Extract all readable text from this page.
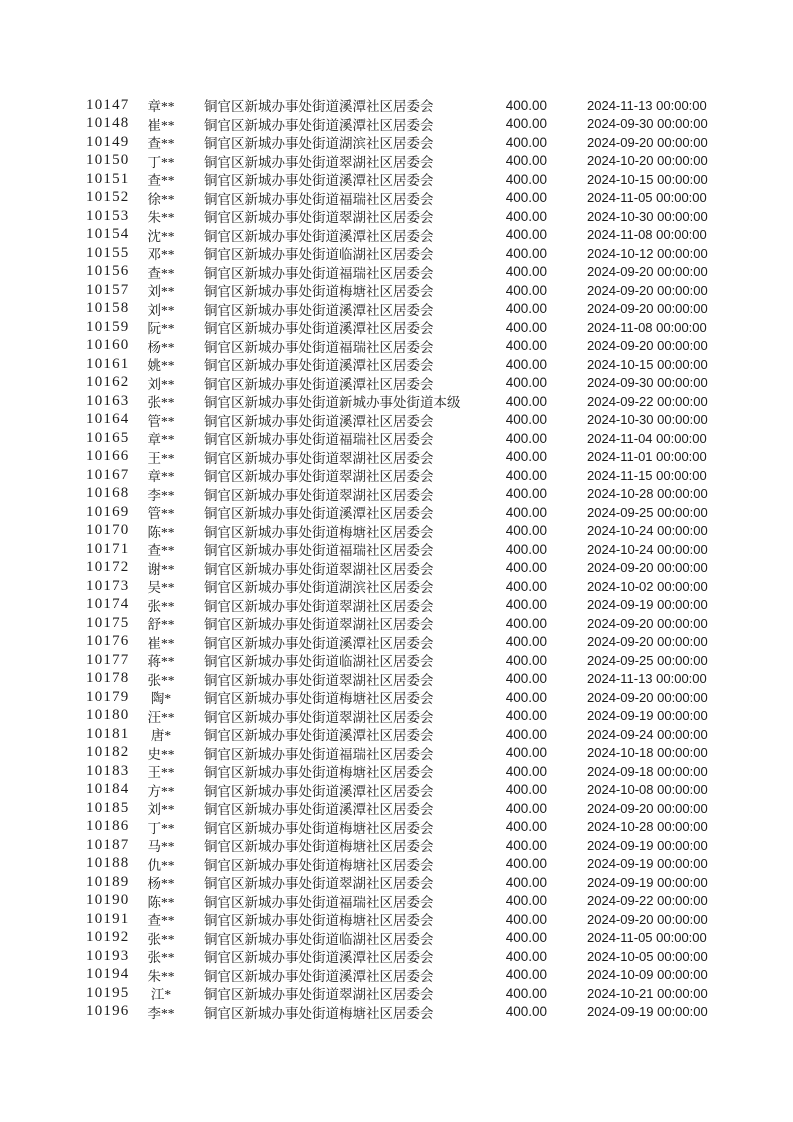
10147	章**	铜官区新城办事处街道溪潭社区居委会	400.00	2024-11-13 00:00:00
10148	崔**	铜官区新城办事处街道溪潭社区居委会	400.00	2024-09-30 00:00:00
10149	查**	铜官区新城办事处街道湖滨社区居委会	400.00	2024-09-20 00:00:00
10150	丁**	铜官区新城办事处街道翠湖社区居委会	400.00	2024-10-20 00:00:00
10151	查**	铜官区新城办事处街道溪潭社区居委会	400.00	2024-10-15 00:00:00
10152	徐**	铜官区新城办事处街道福瑞社区居委会	400.00	2024-11-05 00:00:00
10153	朱**	铜官区新城办事处街道翠湖社区居委会	400.00	2024-10-30 00:00:00
10154	沈**	铜官区新城办事处街道溪潭社区居委会	400.00	2024-11-08 00:00:00
10155	邓**	铜官区新城办事处街道临湖社区居委会	400.00	2024-10-12 00:00:00
10156	查**	铜官区新城办事处街道福瑞社区居委会	400.00	2024-09-20 00:00:00
10157	刘**	铜官区新城办事处街道梅塘社区居委会	400.00	2024-09-20 00:00:00
10158	刘**	铜官区新城办事处街道溪潭社区居委会	400.00	2024-09-20 00:00:00
10159	阮**	铜官区新城办事处街道溪潭社区居委会	400.00	2024-11-08 00:00:00
10160	杨**	铜官区新城办事处街道福瑞社区居委会	400.00	2024-09-20 00:00:00
10161	姚**	铜官区新城办事处街道溪潭社区居委会	400.00	2024-10-15 00:00:00
10162	刘**	铜官区新城办事处街道溪潭社区居委会	400.00	2024-09-30 00:00:00
10163	张**	铜官区新城办事处街道新城办事处街道本级	400.00	2024-09-22 00:00:00
10164	管**	铜官区新城办事处街道溪潭社区居委会	400.00	2024-10-30 00:00:00
10165	章**	铜官区新城办事处街道福瑞社区居委会	400.00	2024-11-04 00:00:00
10166	王**	铜官区新城办事处街道翠湖社区居委会	400.00	2024-11-01 00:00:00
10167	章**	铜官区新城办事处街道翠湖社区居委会	400.00	2024-11-15 00:00:00
10168	李**	铜官区新城办事处街道翠湖社区居委会	400.00	2024-10-28 00:00:00
10169	管**	铜官区新城办事处街道溪潭社区居委会	400.00	2024-09-25 00:00:00
10170	陈**	铜官区新城办事处街道梅塘社区居委会	400.00	2024-10-24 00:00:00
10171	查**	铜官区新城办事处街道福瑞社区居委会	400.00	2024-10-24 00:00:00
10172	谢**	铜官区新城办事处街道翠湖社区居委会	400.00	2024-09-20 00:00:00
10173	吴**	铜官区新城办事处街道湖滨社区居委会	400.00	2024-10-02 00:00:00
10174	张**	铜官区新城办事处街道翠湖社区居委会	400.00	2024-09-19 00:00:00
10175	舒**	铜官区新城办事处街道翠湖社区居委会	400.00	2024-09-20 00:00:00
10176	崔**	铜官区新城办事处街道溪潭社区居委会	400.00	2024-09-20 00:00:00
10177	蒋**	铜官区新城办事处街道临湖社区居委会	400.00	2024-09-25 00:00:00
10178	张**	铜官区新城办事处街道翠湖社区居委会	400.00	2024-11-13 00:00:00
10179	陶*	铜官区新城办事处街道梅塘社区居委会	400.00	2024-09-20 00:00:00
10180	汪**	铜官区新城办事处街道翠湖社区居委会	400.00	2024-09-19 00:00:00
10181	唐*	铜官区新城办事处街道溪潭社区居委会	400.00	2024-09-24 00:00:00
10182	史**	铜官区新城办事处街道福瑞社区居委会	400.00	2024-10-18 00:00:00
10183	王**	铜官区新城办事处街道梅塘社区居委会	400.00	2024-09-18 00:00:00
10184	方**	铜官区新城办事处街道溪潭社区居委会	400.00	2024-10-08 00:00:00
10185	刘**	铜官区新城办事处街道溪潭社区居委会	400.00	2024-09-20 00:00:00
10186	丁**	铜官区新城办事处街道梅塘社区居委会	400.00	2024-10-28 00:00:00
10187	马**	铜官区新城办事处街道梅塘社区居委会	400.00	2024-09-19 00:00:00
10188	仇**	铜官区新城办事处街道梅塘社区居委会	400.00	2024-09-19 00:00:00
10189	杨**	铜官区新城办事处街道翠湖社区居委会	400.00	2024-09-19 00:00:00
10190	陈**	铜官区新城办事处街道福瑞社区居委会	400.00	2024-09-22 00:00:00
10191	查**	铜官区新城办事处街道梅塘社区居委会	400.00	2024-09-20 00:00:00
10192	张**	铜官区新城办事处街道临湖社区居委会	400.00	2024-11-05 00:00:00
10193	张**	铜官区新城办事处街道溪潭社区居委会	400.00	2024-10-05 00:00:00
10194	朱**	铜官区新城办事处街道溪潭社区居委会	400.00	2024-10-09 00:00:00
10195	江*	铜官区新城办事处街道翠湖社区居委会	400.00	2024-10-21 00:00:00
10196	李**	铜官区新城办事处街道梅塘社区居委会	400.00	2024-09-19 00:00:00
